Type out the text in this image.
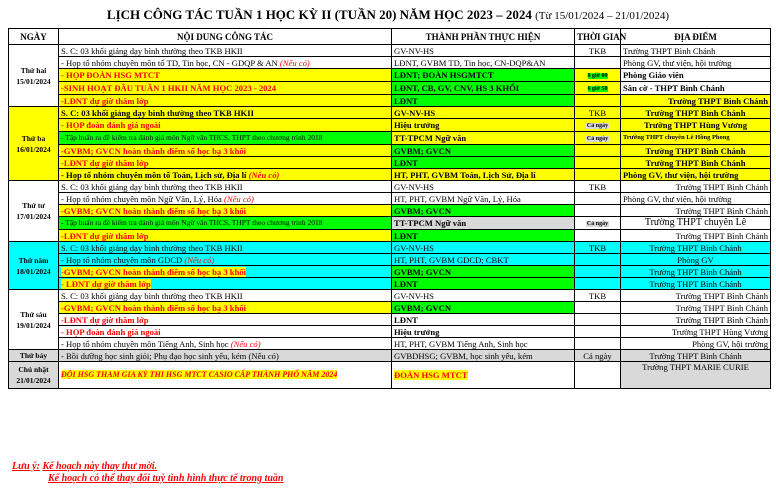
LỊCH CÔNG TÁC TUẦN 1 HỌC KỲ II (TUẦN 20) NĂM HỌC 2023 – 2024 (Từ 15/01/2024 – 21/01/2024)
NGÀY	NỘI DUNG CÔNG TÁC	THÀNH PHẦN THỰC HIỆN	THỜI GIAN	ĐỊA ĐIỂM
Thứ hai 15/01/2024	S. C: 03 khối giảng dạy bình thường theo TKB HKII	GV-NV-HS	TKB	Trường THPT Bình Chánh
	- Họp tổ nhóm chuyên môn tổ TD, Tin học, CN - GDQP & AN (Nếu có)	LĐNT, GVBM TD, Tin học, CN-DQP&AN		Phòng GV, thư viện, hội trường
	- HỌP ĐOÀN HSG MTCT	LĐNT; ĐOÀN HSGMTCT	8 giờ 00	Phòng Giáo viên
	-SINH HOẠT ĐẦU TUẦN 1 HKII NĂM HỌC 2023 - 2024	LĐNT, CB, GV, CNV, HS 3 KHỐI	6 giờ 50	Sân cờ - THPT Bình Chánh
	-LĐNT dự giờ thăm lớp	LĐNT		Trường THPT Bình Chánh
Thứ ba 16/01/2024	S. C: 03 khối giảng dạy bình thường theo TKB HKII	GV-NV-HS	TKB	Trường THPT Bình Chánh
	- HỌP đoàn đánh giá ngoài	Hiệu trưởng	Cả ngày	Trường THPT Hùng Vương
	- Tập huấn ra đề kiểm tra đánh giá môn Ngữ văn THCS, THPT theo chương trình 2018	TT-TPCM Ngữ văn	Cả ngày	Trường THPT chuyên Lê Hồng Phong
	-GVBM; GVCN hoàn thành điểm số học bạ 3 khối	GVBM; GVCN		Trường THPT Bình Chánh
	-LĐNT dự giờ thăm lớp	LĐNT		Trường THPT Bình Chánh
	- Họp tổ nhóm chuyên môn tổ Toán, Lịch sử, Địa lí (Nếu có)	HT, PHT, GVBM Toán, Lịch Sử, Địa lí		Phòng GV, thư viện, hội trường
Thứ tư 17/01/2024	S. C: 03 khối giảng dạy bình thường theo TKB HKII	GV-NV-HS	TKB	Trường THPT Bình Chánh
	- Họp tổ nhóm chuyên môn Ngữ Văn, Lý, Hóa (Nếu có)	HT, PHT, GVBM Ngữ Văn, Lý, Hóa		Phòng GV, thư viện, hội trường
	-GVBM; GVCN hoàn thành điểm số học bạ 3 khối	GVBM; GVCN		Trường THPT Bình Chánh
	- Tập huấn ra đề kiểm tra đánh giá môn Ngữ văn THCS, THPT theo chương trình 2018	TT-TPCM Ngữ văn	Cả ngày	Trường THPT chuyên Lê
	-LĐNT dự giờ thăm lớp	LĐNT		Trường THPT Bình Chánh
Thứ năm 18/01/2024	S. C: 03 khối giảng dạy bình thường theo TKB HKII	GV-NV-HS	TKB	Trường THPT Bình Chánh
	- Họp tổ nhóm chuyên môn GDCD (Nếu có)	HT, PHT, GVBM GDCD; CBKT		Phòng GV
	-GVBM; GVCN hoàn thành điểm số học bạ 3 khối	GVBM; GVCN		Trường THPT Bình Chánh
	- LĐNT dự giờ thăm lớp	LĐNT		Trường THPT Bình Chánh
Thứ sáu 19/01/2024	S. C: 03 khối giảng dạy bình thường theo TKB HKII	GV-NV-HS	TKB	Trường THPT Bình Chánh
	-GVBM; GVCN hoàn thành điểm số học bạ 3 khối	GVBM; GVCN		Trường THPT Bình Chánh
	-LĐNT dự giờ thăm lớp	LĐNT		Trường THPT Bình Chánh
	- HỌP đoàn đánh giá ngoài	Hiệu trưởng		Trường THPT Hùng Vương
	- Họp tổ nhóm chuyên môn Tiếng Anh, Sinh học (Nếu có)	HT, PHT, GVBM Tiếng Anh, Sinh học		Phòng GV, hội trường
Thứ bảy	- Bồi dưỡng học sinh giỏi; Phụ đạo học sinh yếu, kém (Nếu có)	GVBDHSG; GVBM, học sinh yếu, kém	Cả ngày	Trường THPT Bình Chánh
Chủ nhật 21/01/2024	ĐỘI HSG THAM GIA KỲ THI HSG MTCT CASIO CẤP THÀNH PHỐ NĂM 2024	ĐOÀN HSG MTCT		Trường THPT MARIE CURIE
Lưu ý: Kế hoạch này thay thư mời.
Kế hoạch có thể thay đổi tuỳ tình hình thực tế trong tuần
